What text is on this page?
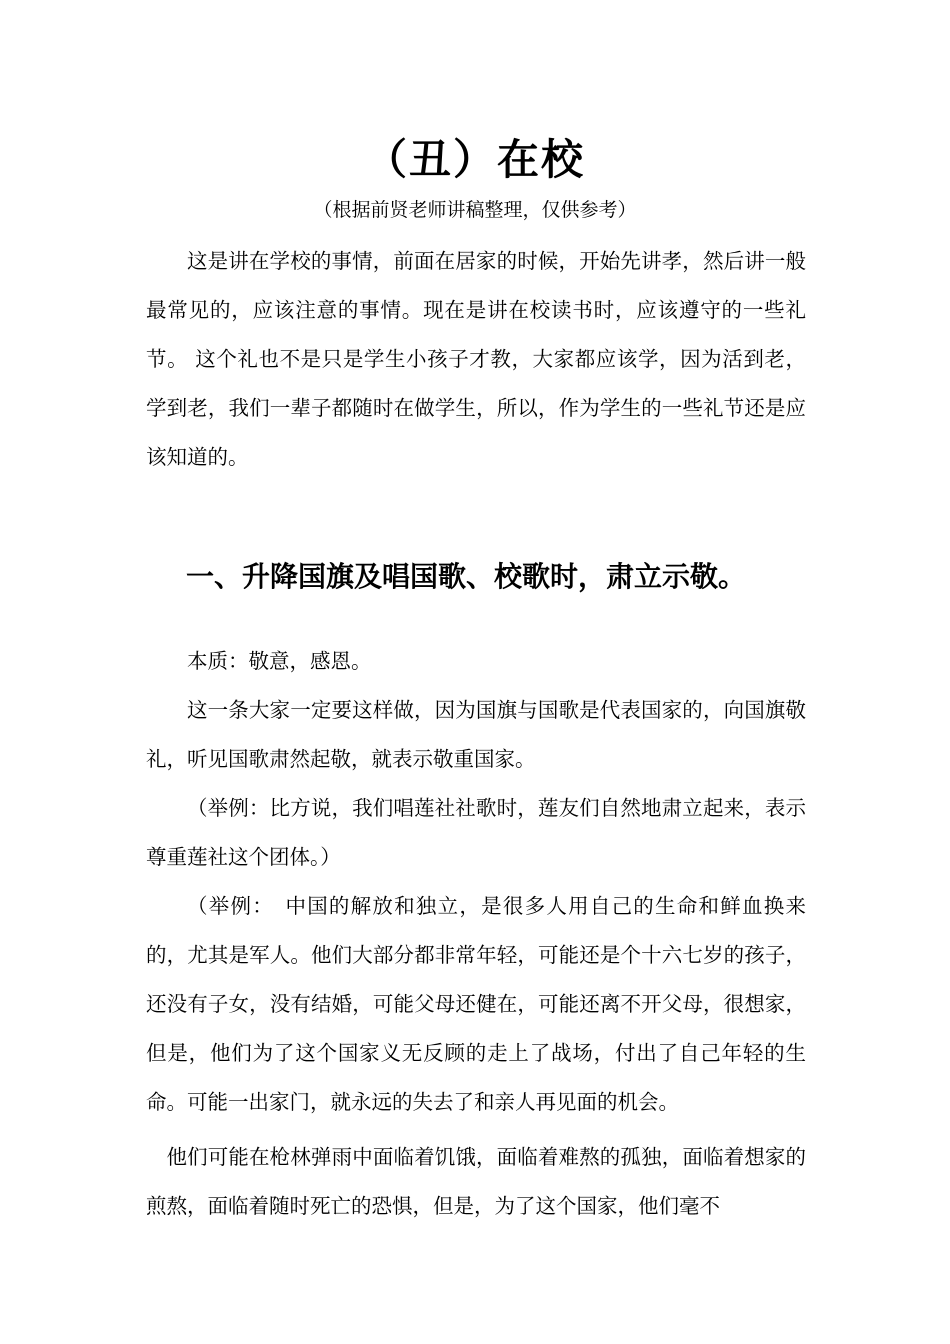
（丑）在校
（根据前贤老师讲稿整理，仅供参考）

这是讲在学校的事情，前面在居家的时候，开始先讲孝，然后讲一般最常见的，应该注意的事情。现在是讲在校读书时，应该遵守的一些礼节。 这个礼也不是只是学生小孩子才教，大家都应该学，因为活到老，学到老，我们一辈子都随时在做学生，所以，作为学生的一些礼节还是应该知道的。

一、升降国旗及唱国歌、校歌时，肃立示敬。

本质：敬意，感恩。

这一条大家一定要这样做，因为国旗与国歌是代表国家的，向国旗敬礼，听见国歌肃然起敬，就表示敬重国家。

（举例：比方说，我们唱莲社社歌时，莲友们自然地肃立起来，表示尊重莲社这个团体。）

（举例：　中国的解放和独立，是很多人用自己的生命和鲜血换来的，尤其是军人。他们大部分都非常年轻，可能还是个十六七岁的孩子，还没有子女，没有结婚，可能父母还健在，可能还离不开父母，很想家，但是，他们为了这个国家义无反顾的走上了战场，付出了自己年轻的生命。可能一出家门，就永远的失去了和亲人再见面的机会。

他们可能在枪林弹雨中面临着饥饿，面临着难熬的孤独，面临着想家的煎熬，面临着随时死亡的恐惧，但是，为了这个国家，他们毫不
